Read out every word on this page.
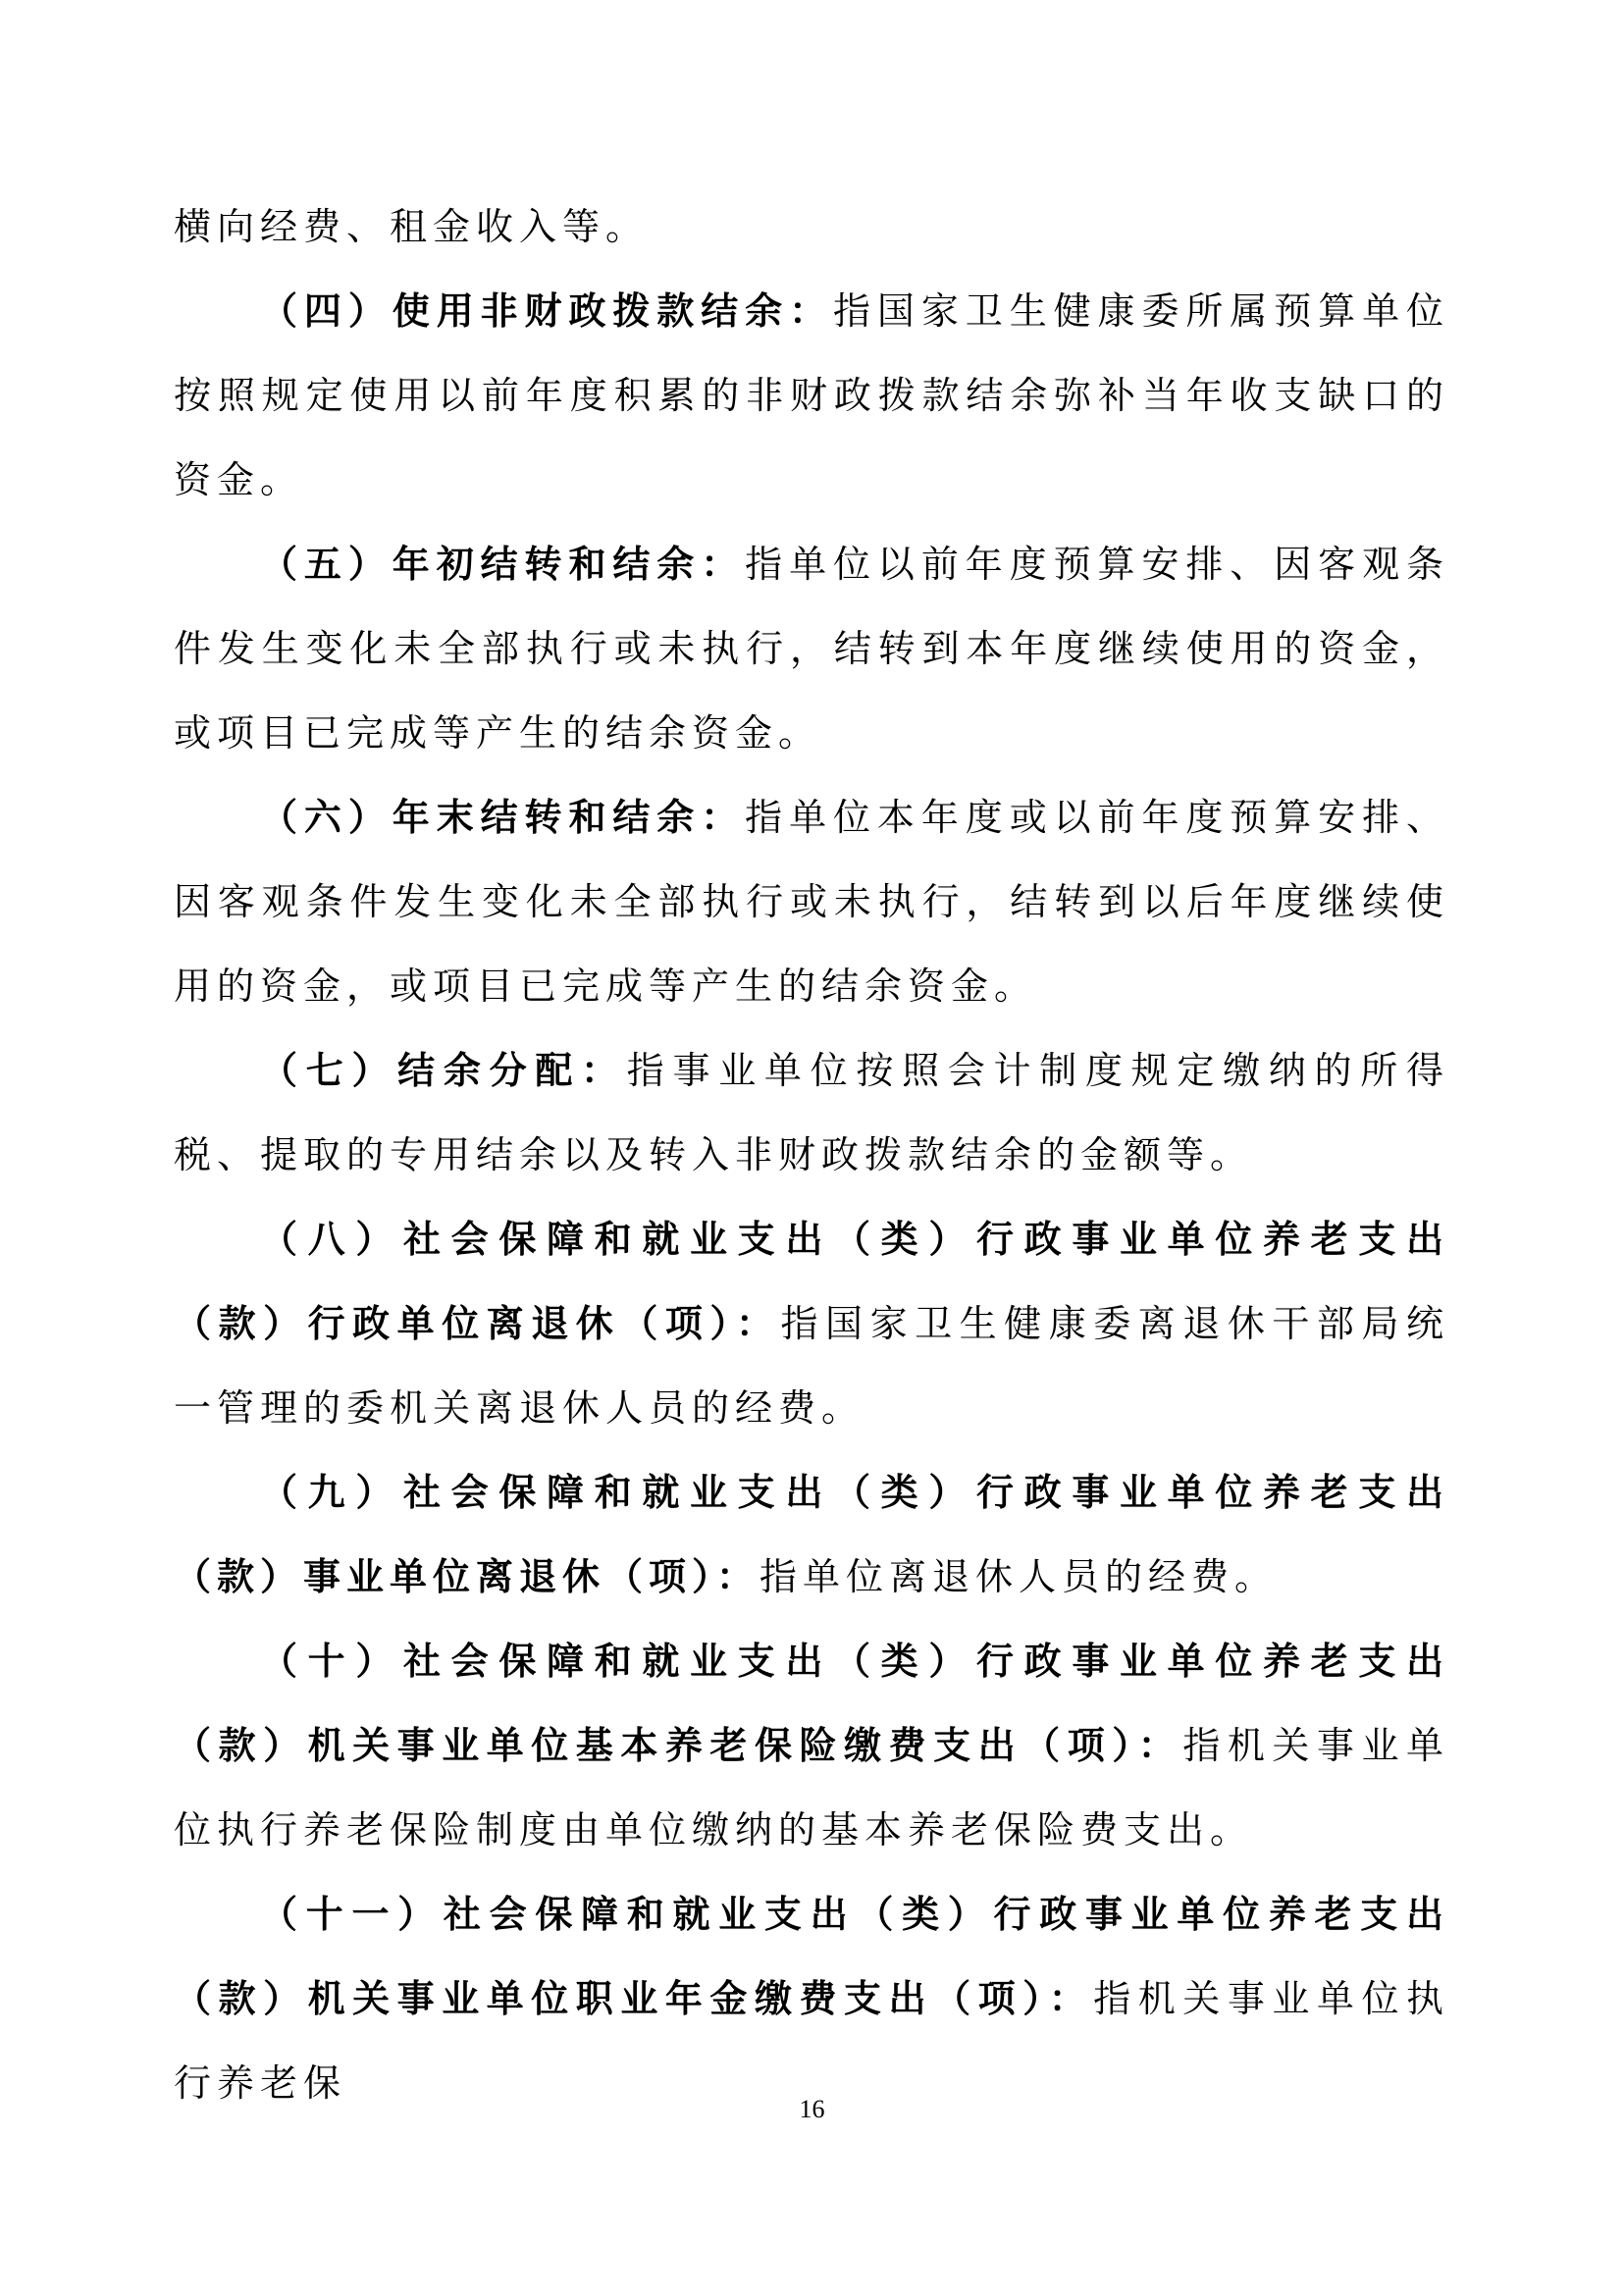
横向经费、租金收入等。

（四）使用非财政拨款结余：指国家卫生健康委所属预算单位按照规定使用以前年度积累的非财政拨款结余弥补当年收支缺口的资金。

（五）年初结转和结余：指单位以前年度预算安排、因客观条件发生变化未全部执行或未执行，结转到本年度继续使用的资金，或项目已完成等产生的结余资金。

（六）年末结转和结余：指单位本年度或以前年度预算安排、因客观条件发生变化未全部执行或未执行，结转到以后年度继续使用的资金，或项目已完成等产生的结余资金。

（七）结余分配：指事业单位按照会计制度规定缴纳的所得税、提取的专用结余以及转入非财政拨款结余的金额等。

（八）社会保障和就业支出（类）行政事业单位养老支出（款）行政单位离退休（项）：指国家卫生健康委离退休干部局统一管理的委机关离退休人员的经费。

（九）社会保障和就业支出（类）行政事业单位养老支出（款）事业单位离退休（项）：指单位离退休人员的经费。

（十）社会保障和就业支出（类）行政事业单位养老支出（款）机关事业单位基本养老保险缴费支出（项）：指机关事业单位执行养老保险制度由单位缴纳的基本养老保险费支出。

（十一）社会保障和就业支出（类）行政事业单位养老支出（款）机关事业单位职业年金缴费支出（项）：指机关事业单位执行养老保

16
